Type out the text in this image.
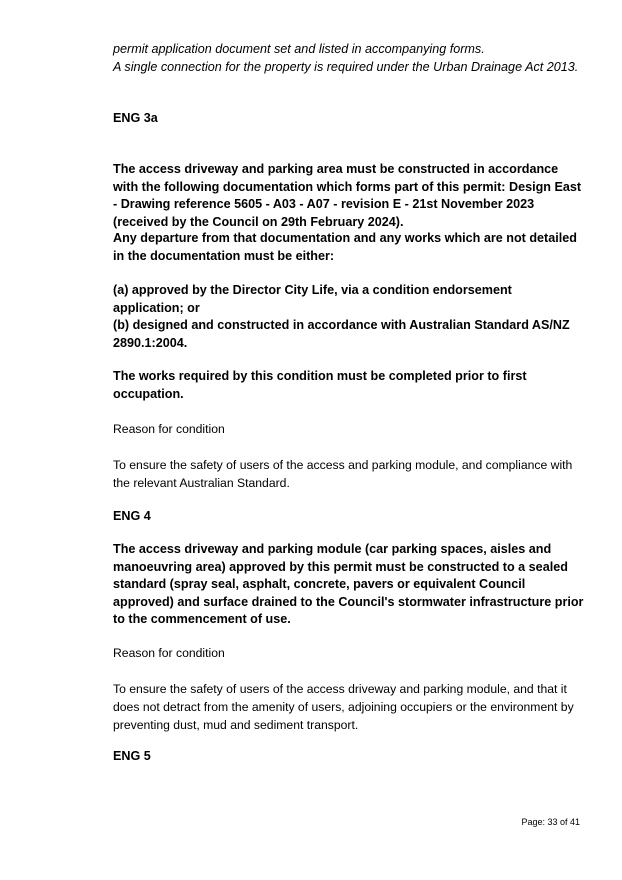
permit application document set and listed in accompanying forms.
A single connection for the property is required under the Urban Drainage Act 2013.
ENG 3a
The access driveway and parking area must be constructed in accordance
with the following documentation which forms part of this permit: Design East
- Drawing reference 5605 - A03 - A07 - revision E - 21st November 2023
(received by the Council on 29th February 2024).
Any departure from that documentation and any works which are not detailed
in the documentation must be either:
(a) approved by the Director City Life, via a condition endorsement
application; or
(b) designed and constructed in accordance with Australian Standard AS/NZ
2890.1:2004.
The works required by this condition must be completed prior to first
occupation.
Reason for condition
To ensure the safety of users of the access and parking module, and compliance with
the relevant Australian Standard.
ENG 4
The access driveway and parking module (car parking spaces, aisles and
manoeuvring area) approved by this permit must be constructed to a sealed
standard (spray seal, asphalt, concrete, pavers or equivalent Council
approved) and surface drained to the Council's stormwater infrastructure prior
to the commencement of use.
Reason for condition
To ensure the safety of users of the access driveway and parking module, and that it
does not detract from the amenity of users, adjoining occupiers or the environment by
preventing dust, mud and sediment transport.
ENG 5
Page: 33 of 41
